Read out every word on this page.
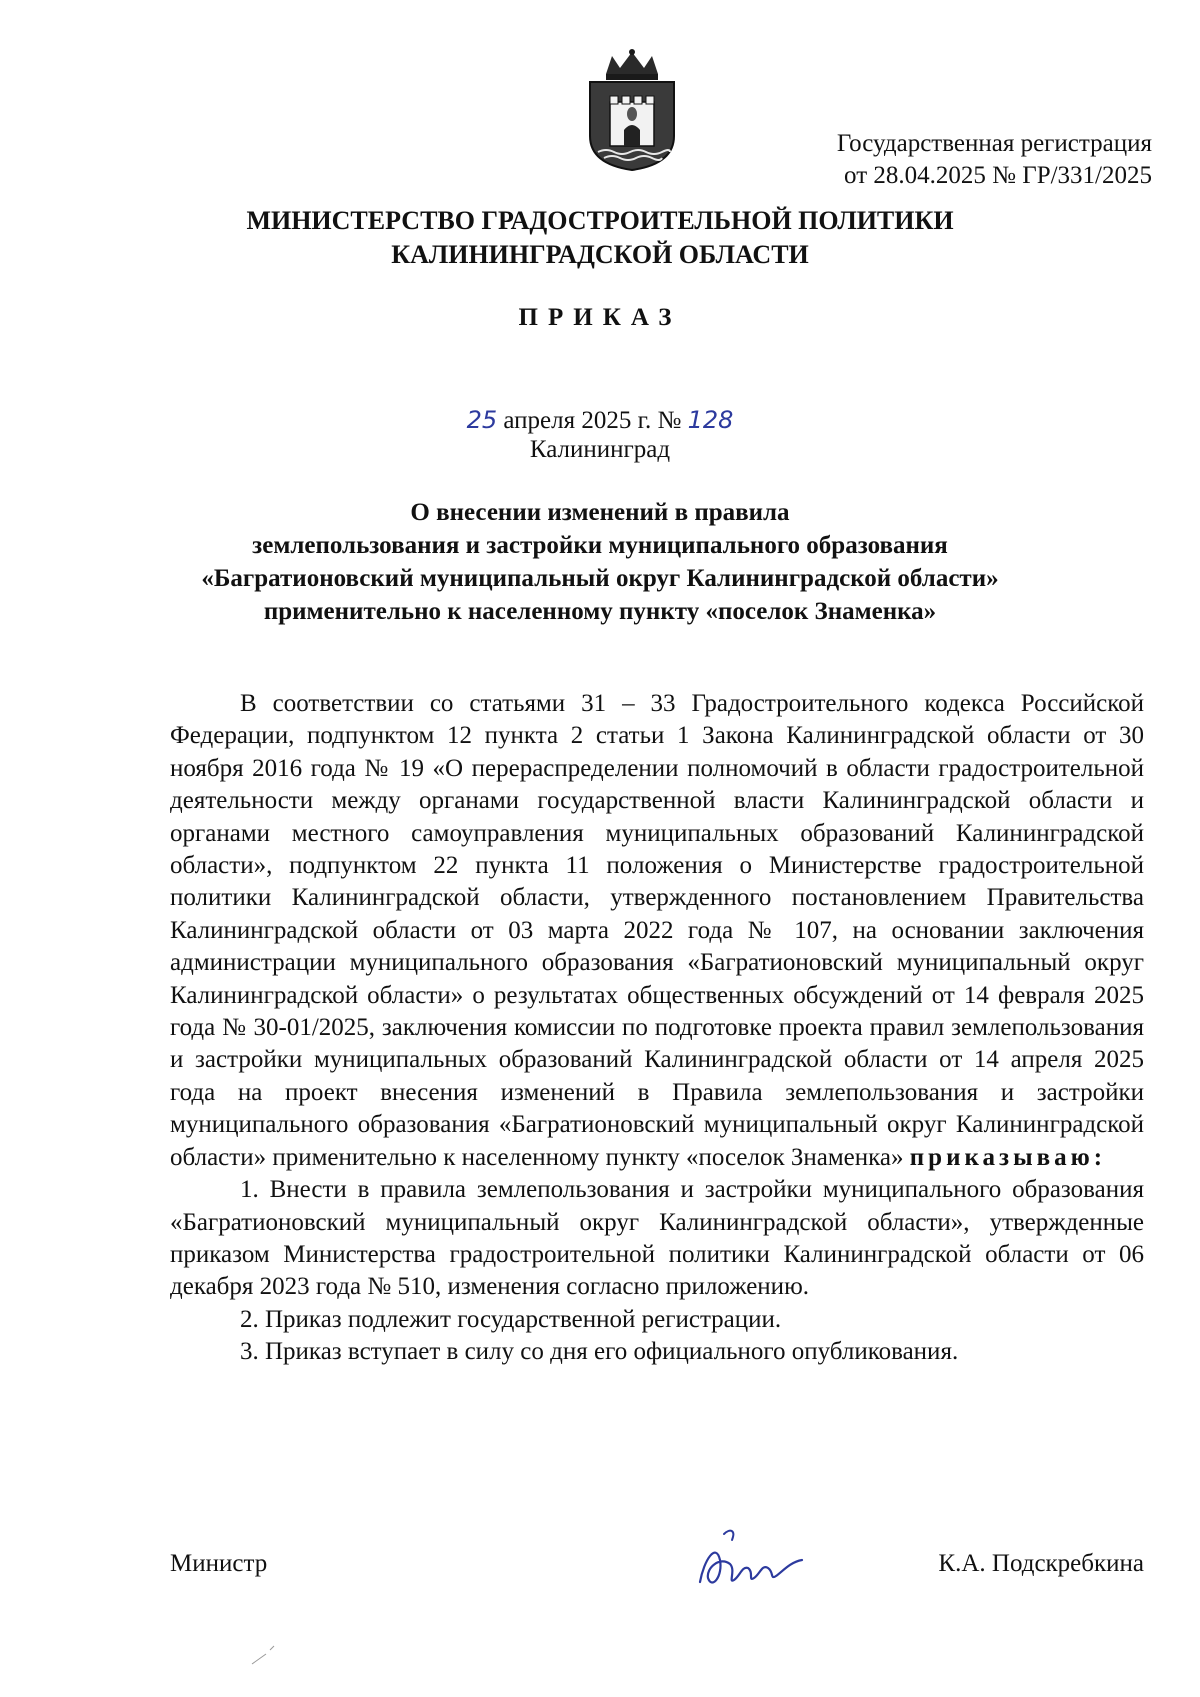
Государственная регистрация
от 28.04.2025 № ГР/331/2025
МИНИСТЕРСТВО ГРАДОСТРОИТЕЛЬНОЙ ПОЛИТИКИ
КАЛИНИНГРАДСКОЙ ОБЛАСТИ
ПРИКАЗ
25 апреля 2025 г. № 128
Калининград
О внесении изменений в правила
землепользования и застройки муниципального образования
«Багратионовский муниципальный округ Калининградской области»
применительно к населенному пункту «поселок Знаменка»

В соответствии со статьями 31 – 33 Градостроительного кодекса Российской Федерации, подпунктом 12 пункта 2 статьи 1 Закона Калининградской области от 30 ноября 2016 года № 19 «О перераспределении полномочий в области градостроительной деятельности между органами государственной власти Калининградской области и органами местного самоуправления муниципальных образований Калининградской области», подпунктом 22 пункта 11 положения о Министерстве градостроительной политики Калининградской области, утвержденного постановлением Правительства Калининградской области от 03 марта 2022 года № 107, на основании заключения администрации муниципального образования «Багратионовский муниципальный округ Калининградской области» о результатах общественных обсуждений от 14 февраля 2025 года № 30-01/2025, заключения комиссии по подготовке проекта правил землепользования и застройки муниципальных образований Калининградской области от 14 апреля 2025 года на проект внесения изменений в Правила землепользования и застройки муниципального образования «Багратионовский муниципальный округ Калининградской области» применительно к населенному пункту «поселок Знаменка» приказываю:

1. Внести в правила землепользования и застройки муниципального образования «Багратионовский муниципальный округ Калининградской области», утвержденные приказом Министерства градостроительной политики Калининградской области от 06 декабря 2023 года № 510, изменения согласно приложению.

2. Приказ подлежит государственной регистрации.

3. Приказ вступает в силу со дня его официального опубликования.

Министр	К.А. Подскребкина
